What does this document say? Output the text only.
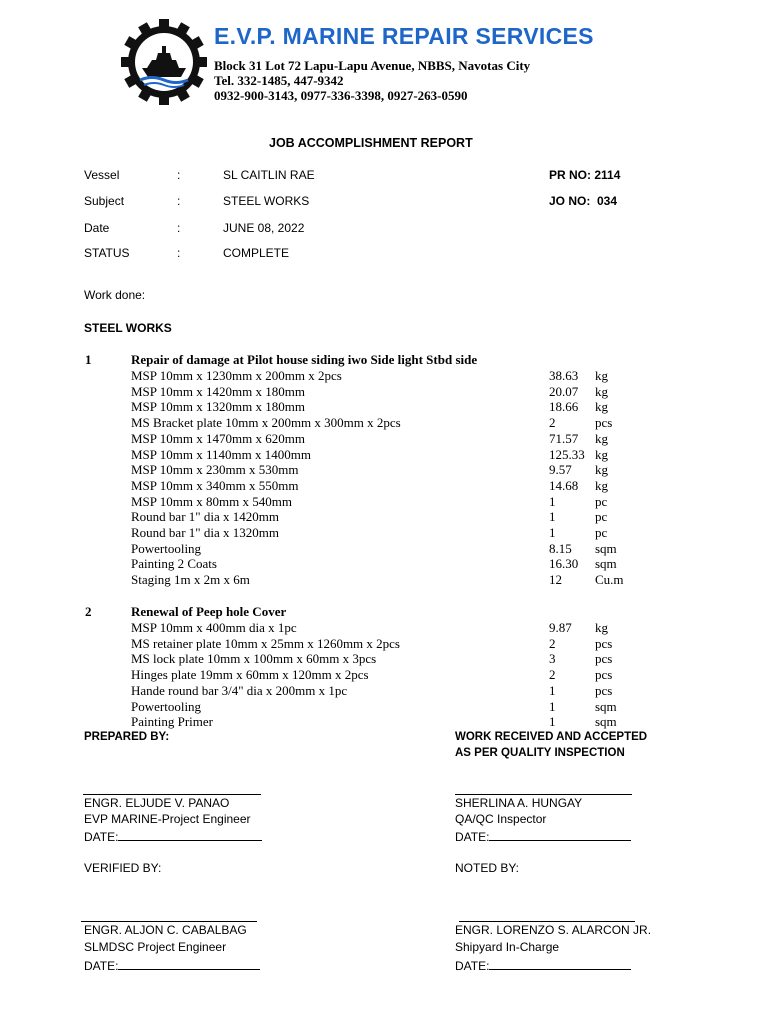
E.V.P. MARINE REPAIR SERVICES
Block 31 Lot 72 Lapu-Lapu Avenue, NBBS, Navotas City
Tel. 332-1485, 447-9342
0932-900-3143, 0977-336-3398, 0927-263-0590
JOB ACCOMPLISHMENT REPORT
Vessel	:	SL CAITLIN RAE
Subject	:	STEEL WORKS
Date	:	JUNE 08, 2022
STATUS	:	COMPLETE
PR NO: 2114
JO NO:  034
Work done:
STEEL WORKS
1	Repair of damage at Pilot house siding iwo Side light Stbd side
MSP 10mm x 1230mm x 200mm x 2pcs	38.63 kg
MSP 10mm x 1420mm x 180mm	20.07 kg
MSP 10mm x 1320mm x 180mm	18.66 kg
MS Bracket plate 10mm x 200mm x 300mm x 2pcs	2	pcs
MSP 10mm x 1470mm x 620mm	71.57 kg
MSP 10mm x 1140mm x 1400mm	125.33 kg
MSP 10mm x 230mm x 530mm	9.57 kg
MSP 10mm x 340mm x 550mm	14.68 kg
MSP 10mm x 80mm x 540mm	1	pc
Round bar 1" dia x 1420mm	1	pc
Round bar 1" dia x 1320mm	1	pc
Powertooling	8.15 sqm
Painting 2 Coats	16.30 sqm
Staging 1m x 2m x 6m	12	Cu.m
2	Renewal of Peep hole Cover
MSP 10mm x 400mm dia x 1pc	9.87 kg
MS retainer plate 10mm x 25mm x 1260mm x 2pcs	2	pcs
MS lock plate 10mm x 100mm x 60mm x 3pcs	3	pcs
Hinges plate 19mm x 60mm x 120mm x 2pcs	2	pcs
Hande round bar 3/4" dia x 200mm x 1pc	1	pcs
Powertooling	1	sqm
Painting Primer	1	sqm
PREPARED BY:	WORK RECEIVED AND ACCEPTED
AS PER QUALITY INSPECTION
ENGR. ELJUDE V. PANAO
EVP MARINE-Project Engineer
DATE:
SHERLINA A. HUNGAY
QA/QC Inspector
DATE:
VERIFIED BY:	NOTED BY:
ENGR. ALJON C. CABALBAG
SLMDSC Project Engineer
DATE:
ENGR. LORENZO S. ALARCON JR.
Shipyard In-Charge
DATE:
